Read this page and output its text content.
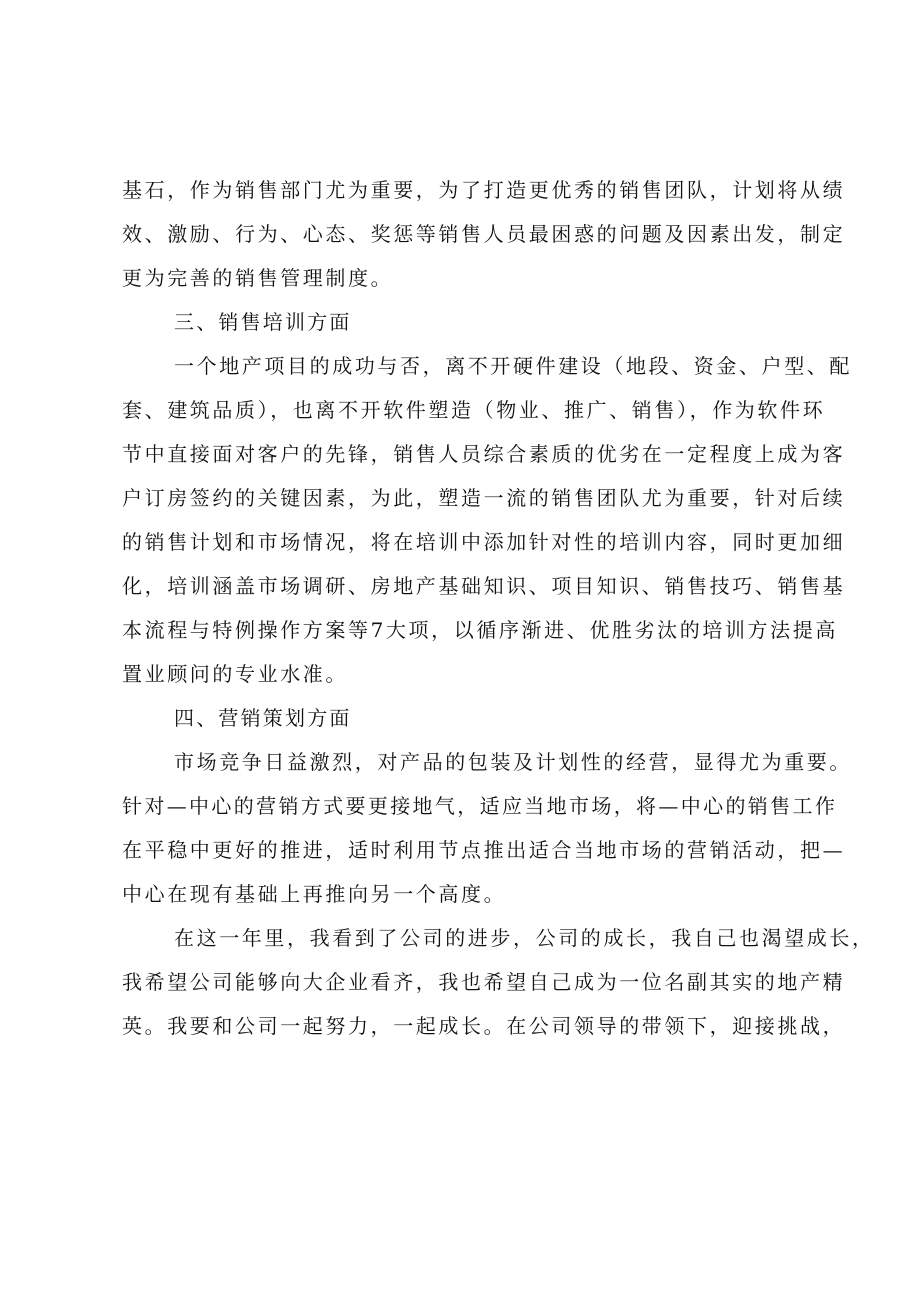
基石，作为销售部门尤为重要，为了打造更优秀的销售团队，计划将从绩
效、激励、行为、心态、奖惩等销售人员最困惑的问题及因素出发，制定
更为完善的销售管理制度。
三、销售培训方面
一个地产项目的成功与否，离不开硬件建设（地段、资金、户型、配
套、建筑品质），也离不开软件塑造（物业、推广、销售），作为软件环
节中直接面对客户的先锋，销售人员综合素质的优劣在一定程度上成为客
户订房签约的关键因素，为此，塑造一流的销售团队尤为重要，针对后续
的销售计划和市场情况，将在培训中添加针对性的培训内容，同时更加细
化，培训涵盖市场调研、房地产基础知识、项目知识、销售技巧、销售基
本流程与特例操作方案等7大项，以循序渐进、优胜劣汰的培训方法提高
置业顾问的专业水准。
四、营销策划方面
市场竞争日益激烈，对产品的包装及计划性的经营，显得尤为重要。
针对—中心的营销方式要更接地气，适应当地市场，将—中心的销售工作
在平稳中更好的推进，适时利用节点推出适合当地市场的营销活动，把—
中心在现有基础上再推向另一个高度。
在这一年里，我看到了公司的进步，公司的成长，我自己也渴望成长，
我希望公司能够向大企业看齐，我也希望自己成为一位名副其实的地产精
英。我要和公司一起努力，一起成长。在公司领导的带领下，迎接挑战，
